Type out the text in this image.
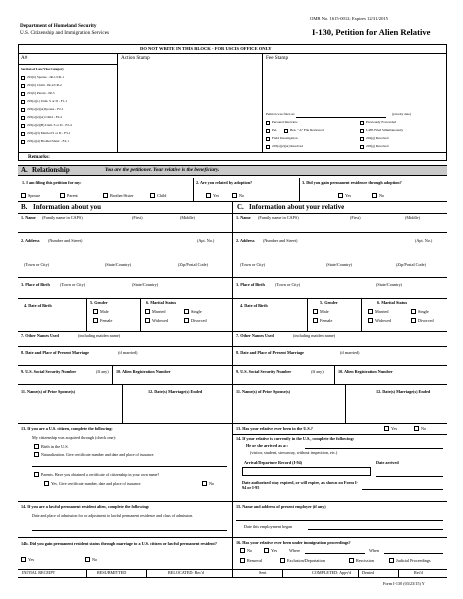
Department of Homeland Security
U.S. Citizenship and Immigration Services
OMB No. 1615-0012; Expires 12/31/2015
I-130, Petition for Alien Relative
DO NOT WRITE IN THIS BLOCK - FOR USCIS OFFICE ONLY
A#	Action Stamp	Fee Stamp
Section of Law/Visa Category
201(b) Spouse - IR-1/CR-1
201(b) Child - IR-2/CR-2
201(b) Parent - IR-5
203(a)(1) Unm. S or D - F1-1
203(a)(2)(A)Spouse - F2-1
203(a)(2)(A) Child - F2-2
203(a)(2)(B) Unm. S or D - F2-4
203(a)(3) Married S or D - F3-1
203(a)(4) Brother/Sister - F4-1
Petition was filed on:	(priority date)
Personal Interview
Pet.	Ben. " A" File Reviewed
Field Investigation
203(a)(2)(A) Resolved
Previously Forwarded
I-485 Filed Simultaneously
204(g) Resolved
203(g) Resolved
Remarks:
A. Relationship	You are the petitioner. Your relative is the beneficiary.
1. I am filing this petition for my:
Spouse	Parent	Brother/Sister	Child
2. Are you related by adoption?
Yes	No
3. Did you gain permanent residence through adoption?
Yes	No
B. Information about you	C. Information about your relative
1. Name (Family name in CAPS)	(First)	(Middle)
2. Address (Number and Street)	(Apt. No.)
(Town or City)	(State/Country)	(Zip/Postal Code)
3. Place of Birth (Town or City)	(State/Country)
4. Date of Birth
5. Gender
Male
Female
6. Marital Status
Married	Single
Widowed	Divorced
7. Other Names Used	(including maiden name)
8. Date and Place of Present Marriage	(if married)
9. U.S. Social Security Number	(If any) 10. Alien Registration Number
11. Name(s) of Prior Spouse(s)	12. Date(s) Marriage(s) Ended
1. Name (Family name in CAPS)	(First)	(Middle)
2. Address (Number and Street)	(Apt. No.)
(Town or City)	(State/Country)	(Zip/Postal Code)
3. Place of Birth (Town or City)	(State/Country)
4. Date of Birth
5. Gender
Male
Female
6. Marital Status
Married	Single
Widowed	Divorced
7. Other Names Used	(including maiden name)
8. Date and Place of Present Marriage	(if married)
9. U.S. Social Security Number	(If any)	10. Alien Registration Number
11. Name(s) of Prior Spouse(s)	12. Date(s) Marriage(s) Ended
13. If you are a U.S. citizen, complete the following:
My citizenship was acquired through (check one):
Birth in the U.S.
Naturalization. Give certificate number and date and place of issuance.
Parents. Have you obtained a certificate of citizenship in your own name?
Yes. Give certificate number, date and place of issuance.	No
14. If you are a lawful permanent resident alien, complete the following:
Date and place of admission for or adjustment to lawful permanent residence and class of admission.
14b. Did you gain permanent resident status through marriage to a U.S. citizen or lawful permanent resident?
Yes	No
13. Has your relative ever been in the U.S.?	Yes	No
14. If your relative is currently in the U.S., complete the following:
He or she arrived as a::
(visitor, student, stowaway, without inspection, etc.)
Arrival/Departure Record (I-94)	Date arrived
Date authorized stay expired, or will expire, as shown on Form I-94 or I-95
15. Name and address of present employer (if any)
Date this employment began
16. Has your relative ever been under immigration proceedings?
No	Yes	Where	When
Removal	Exclusion/Deportation	Rescission	Judicial Proceedings
INITIAL RECEIPT	RESUBMITTED	RELOCATED: Rec'd	Sent	COMPLETED: Appv'd	Denied	Ret'd
Form I-130 (03/23/15) Y
